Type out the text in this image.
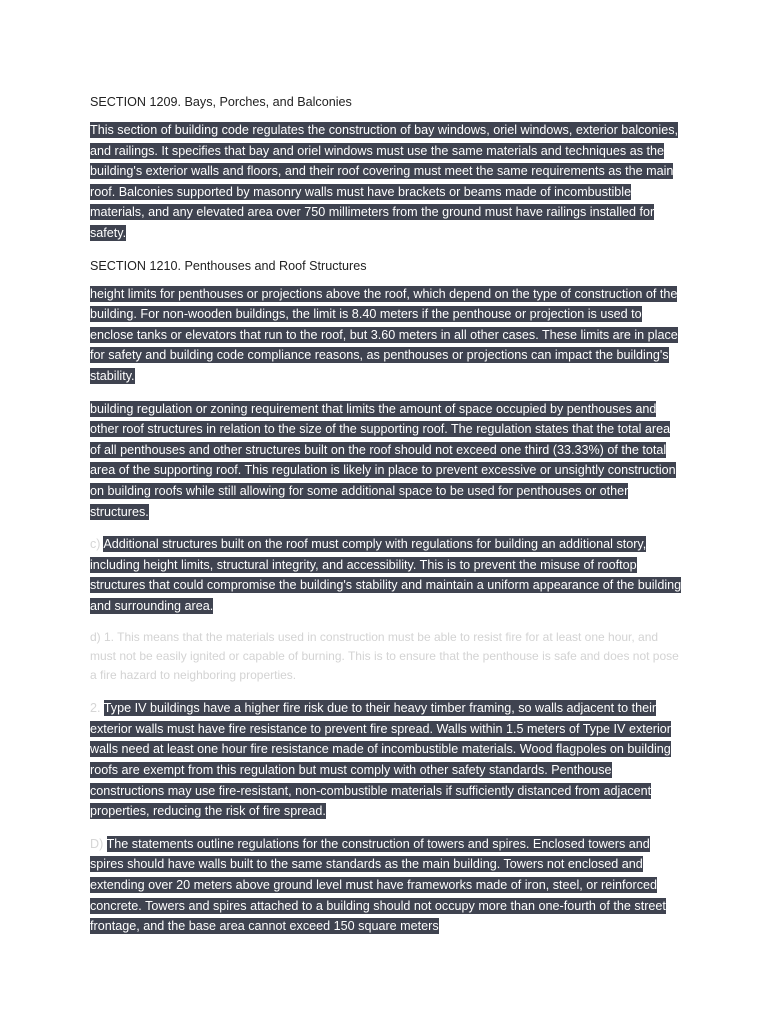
SECTION 1209. Bays, Porches, and Balconies

This section of building code regulates the construction of bay windows, oriel windows, exterior balconies, and railings. It specifies that bay and oriel windows must use the same materials and techniques as the building's exterior walls and floors, and their roof covering must meet the same requirements as the main roof. Balconies supported by masonry walls must have brackets or beams made of incombustible materials, and any elevated area over 750 millimeters from the ground must have railings installed for safety.

SECTION 1210. Penthouses and Roof Structures

height limits for penthouses or projections above the roof, which depend on the type of construction of the building. For non-wooden buildings, the limit is 8.40 meters if the penthouse or projection is used to enclose tanks or elevators that run to the roof, but 3.60 meters in all other cases. These limits are in place for safety and building code compliance reasons, as penthouses or projections can impact the building's stability.

building regulation or zoning requirement that limits the amount of space occupied by penthouses and other roof structures in relation to the size of the supporting roof. The regulation states that the total area of all penthouses and other structures built on the roof should not exceed one third (33.33%) of the total area of the supporting roof. This regulation is likely in place to prevent excessive or unsightly construction on building roofs while still allowing for some additional space to be used for penthouses or other structures.

c) Additional structures built on the roof must comply with regulations for building an additional story, including height limits, structural integrity, and accessibility. This is to prevent the misuse of rooftop structures that could compromise the building's stability and maintain a uniform appearance of the building and surrounding area.

d) 1. This means that the materials used in construction must be able to resist fire for at least one hour, and must not be easily ignited or capable of burning. This is to ensure that the penthouse is safe and does not pose a fire hazard to neighboring properties.

2. Type IV buildings have a higher fire risk due to their heavy timber framing, so walls adjacent to their exterior walls must have fire resistance to prevent fire spread. Walls within 1.5 meters of Type IV exterior walls need at least one hour fire resistance made of incombustible materials. Wood flagpoles on building roofs are exempt from this regulation but must comply with other safety standards. Penthouse constructions may use fire-resistant, non-combustible materials if sufficiently distanced from adjacent properties, reducing the risk of fire spread.

D) The statements outline regulations for the construction of towers and spires. Enclosed towers and spires should have walls built to the same standards as the main building. Towers not enclosed and extending over 20 meters above ground level must have frameworks made of iron, steel, or reinforced concrete. Towers and spires attached to a building should not occupy more than one-fourth of the street frontage, and the base area cannot exceed 150 square meters
